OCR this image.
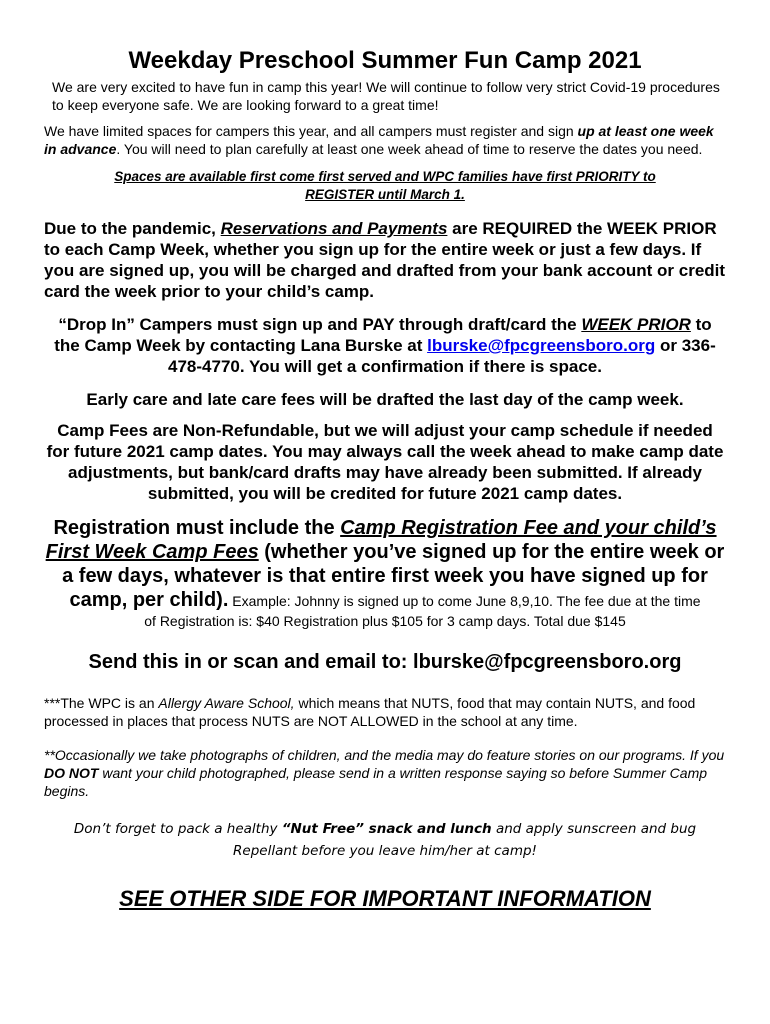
Weekday Preschool Summer Fun Camp 2021

We are very excited to have fun in camp this year! We will continue to follow very strict Covid-19 procedures to keep everyone safe. We are looking forward to a great time!

We have limited spaces for campers this year, and all campers must register and sign up at least one week in advance. You will need to plan carefully at least one week ahead of time to reserve the dates you need.

Spaces are available first come first served and WPC families have first PRIORITY to REGISTER until March 1.

Due to the pandemic, Reservations and Payments are REQUIRED the WEEK PRIOR to each Camp Week, whether you sign up for the entire week or just a few days. If you are signed up, you will be charged and drafted from your bank account or credit card the week prior to your child’s camp.

“Drop In” Campers must sign up and PAY through draft/card the WEEK PRIOR to the Camp Week by contacting Lana Burske at lburske@fpcgreensboro.org or 336-478-4770. You will get a confirmation if there is space.

Early care and late care fees will be drafted the last day of the camp week.

Camp Fees are Non-Refundable, but we will adjust your camp schedule if needed for future 2021 camp dates. You may always call the week ahead to make camp date adjustments, but bank/card drafts may have already been submitted. If already submitted, you will be credited for future 2021 camp dates.

Registration must include the Camp Registration Fee and your child’s First Week Camp Fees (whether you’ve signed up for the entire week or a few days, whatever is that entire first week you have signed up for camp, per child). Example: Johnny is signed up to come June 8,9,10. The fee due at the time
of Registration is: $40 Registration plus $105 for 3 camp days. Total due $145

Send this in or scan and email to: lburske@fpcgreensboro.org

***The WPC is an Allergy Aware School, which means that NUTS, food that may contain NUTS, and food processed in places that process NUTS are NOT ALLOWED in the school at any time.

**Occasionally we take photographs of children, and the media may do feature stories on our programs. If you DO NOT want your child photographed, please send in a written response saying so before Summer Camp begins.

Don’t forget to pack a healthy “Nut Free” snack and lunch and apply sunscreen and bug Repellant before you leave him/her at camp!

SEE OTHER SIDE FOR IMPORTANT INFORMATION
